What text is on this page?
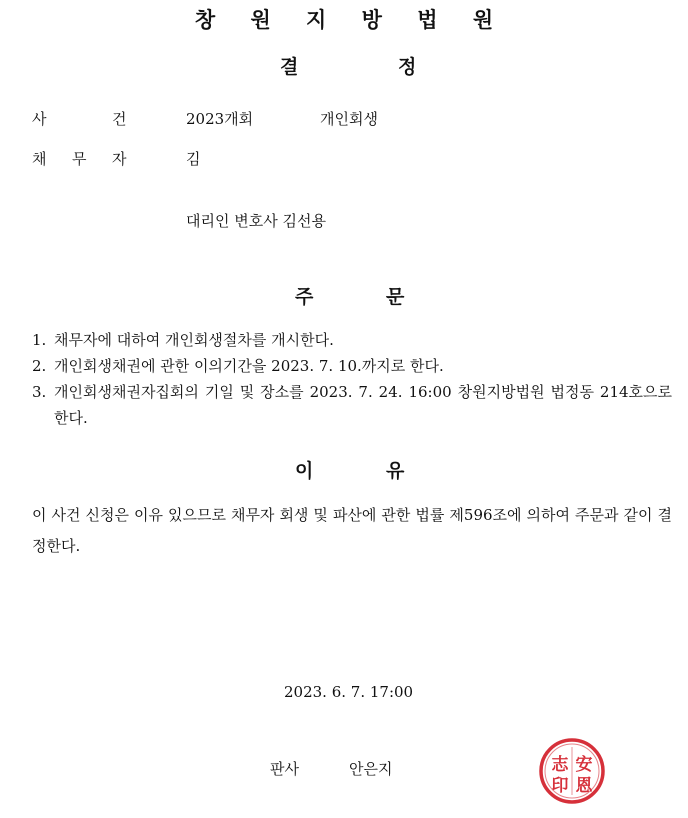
창 원 지 방 법 원
결	정
사	건	2023개회	개인회생
채 무 자	김
대리인 변호사 김선용
주	문
1. 채무자에 대하여 개인회생절차를 개시한다.
2. 개인회생채권에 관한 이의기간을 2023. 7. 10.까지로 한다.
3. 개인회생채권자집회의 기일 및 장소를 2023. 7. 24. 16:00 창원지방법원 법정동 214호으로 한다.
이	유
이 사건 신청은 이유 있으므로 채무자 회생 및 파산에 관한 법률 제596조에 의하여 주문과 같이 결정한다.
2023. 6. 7. 17:00
판사	안은지	志 安
印 恩
